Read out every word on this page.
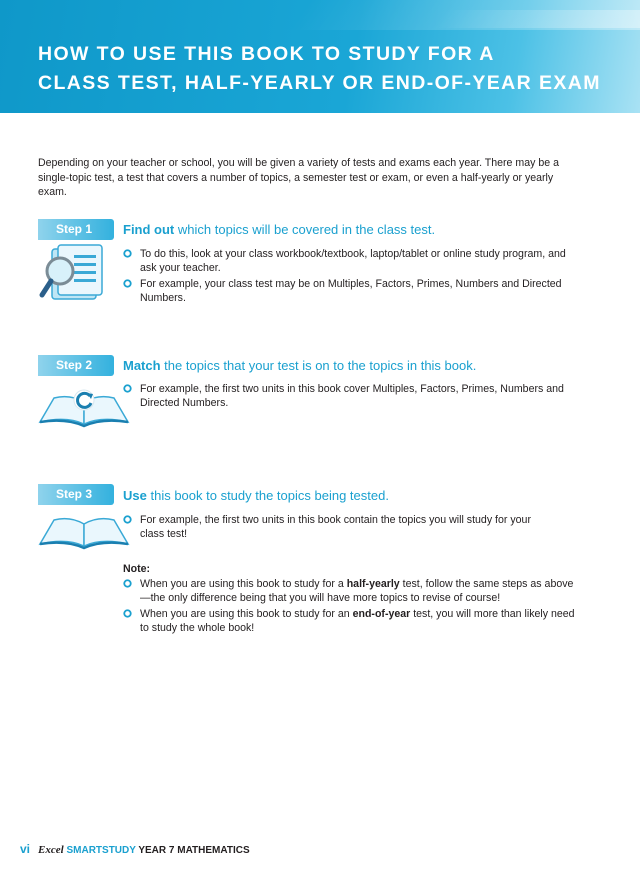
HOW TO USE THIS BOOK TO STUDY FOR A
CLASS TEST, HALF-YEARLY OR END-OF-YEAR EXAM

Depending on your teacher or school, you will be given a variety of tests and exams each year. There may be a single-topic test, a test that covers a number of topics, a semester test or exam, or even a half-yearly or yearly exam.

Step 1 Find out which topics will be covered in the class test.
To do this, look at your class workbook/textbook, laptop/tablet or online study program, and ask your teacher.
For example, your class test may be on Multiples, Factors, Primes, Numbers and Directed Numbers.
Step 2 Match the topics that your test is on to the topics in this book.
For example, the first two units in this book cover Multiples, Factors, Primes, Numbers and Directed Numbers.
Step 3 Use this book to study the topics being tested.
For example, the first two units in this book contain the topics you will study for your class test!

Note:

When you are using this book to study for a half-yearly test, follow the same steps as above—the only difference being that you will have more topics to revise of course!
When you are using this book to study for an end-of-year test, you will more than likely need to study the whole book!
vi Excel SMARTSTUDY YEAR 7 MATHEMATICS
